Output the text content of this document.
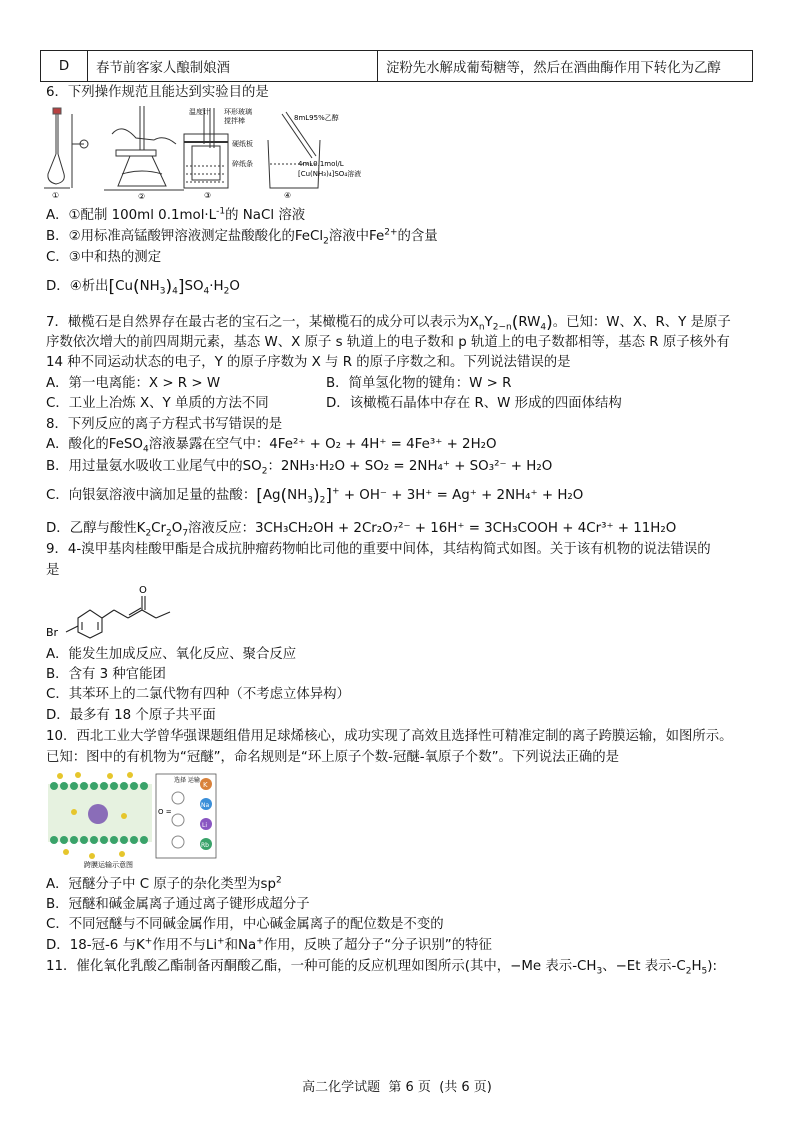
D	春节前客家人酿制娘酒	淀粉先水解成葡萄糖等，然后在酒曲酶作用下转化为乙醇
6．下列操作规范且能达到实验目的是
①	②
温度计 环形玻璃
搅拌棒
硬纸板
碎纸条
③
8mL95%乙醇
4mL0.1mol/L
[Cu(NH₃)₄]SO₄溶液
④
A．①配制 100ml $0.1mol\cdot L^{-1}$的 NaCl 溶液
B．②用标准高锰酸钾溶液测定盐酸酸化的FeCl$_2$溶液中$Fe^{2+}$的含量
C．③中和热的测定
D．④析出$[Cu(NH_3)_4]SO_4\cdot H_2O$
7．橄榄石是自然界存在最古老的宝石之一，某橄榄石的成分可以表示为$X_nY_{2-n}(RW_4)$。已知：W、X、R、Y 是原子
序数依次增大的前四周期元素，基态 W、X 原子 s 轨道上的电子数和 p 轨道上的电子数都相等，基态 R 原子核外有
14 种不同运动状态的电子，Y 的原子序数为 X 与 R 的原子序数之和。下列说法错误的是
A．第一电离能：X > R > W	B．简单氢化物的键角：W > R
C．工业上冶炼 X、Y 单质的方法不同	D．该橄榄石晶体中存在 R、W 形成的四面体结构
8．下列反应的离子方程式书写错误的是
A．酸化的FeSO$_4$溶液暴露在空气中：4Fe²⁺ + O₂ + 4H⁺ = 4Fe³⁺ + 2H₂O
B．用过量氨水吸收工业尾气中的$SO_2$：2NH₃·H₂O + SO₂ = 2NH₄⁺ + SO₃²⁻ + H₂O
C．向银氨溶液中滴加足量的盐酸：$[Ag(NH_3)_2]^+ + OH^- + 3H^+ = Ag^+ + 2NH_4^+ + H_2O$
D．乙醇与酸性$K_2Cr_2O_7$溶液反应：3CH₃CH₂OH + 2Cr₂O₇²⁻ + 16H⁺ = 3CH₃COOH + 4Cr³⁺ + 11H₂O
9．4-溴甲基肉桂酸甲酯是合成抗肿瘤药物帕比司他的重要中间体，其结构简式如图。关于该有机物的说法错误的
是
Br
O
A．能发生加成反应、氧化反应、聚合反应
B．含有 3 种官能团
C．其苯环上的二氯代物有四种（不考虑立体异构）
D．最多有 18 个原子共平面
10．西北工业大学曾华强课题组借用足球烯核心，成功实现了高效且选择性可精准定制的离子跨膜运输，如图所示。
已知：图中的有机物为“冠醚”，命名规则是“环上原子个数-冠醚-氧原子个数”。下列说法正确的是
O =
K
Na
Li
Rb
选择 运输
跨膜运输示意图
A．冠醚分子中 C 原子的杂化类型为$sp^2$
B．冠醚和碱金属离子通过离子键形成超分子
C．不同冠醚与不同碱金属作用，中心碱金属离子的配位数是不变的
D．18-冠-6 与K+作用不与Li+和Na+作用，反映了超分子“分子识别”的特征
11．催化氧化乳酸乙酯制备丙酮酸乙酯，一种可能的反应机理如图所示(其中，−Me 表示$-CH_3$、−Et 表示$-C_2H_5$):
高二化学试题  第 6 页  (共 6 页)
